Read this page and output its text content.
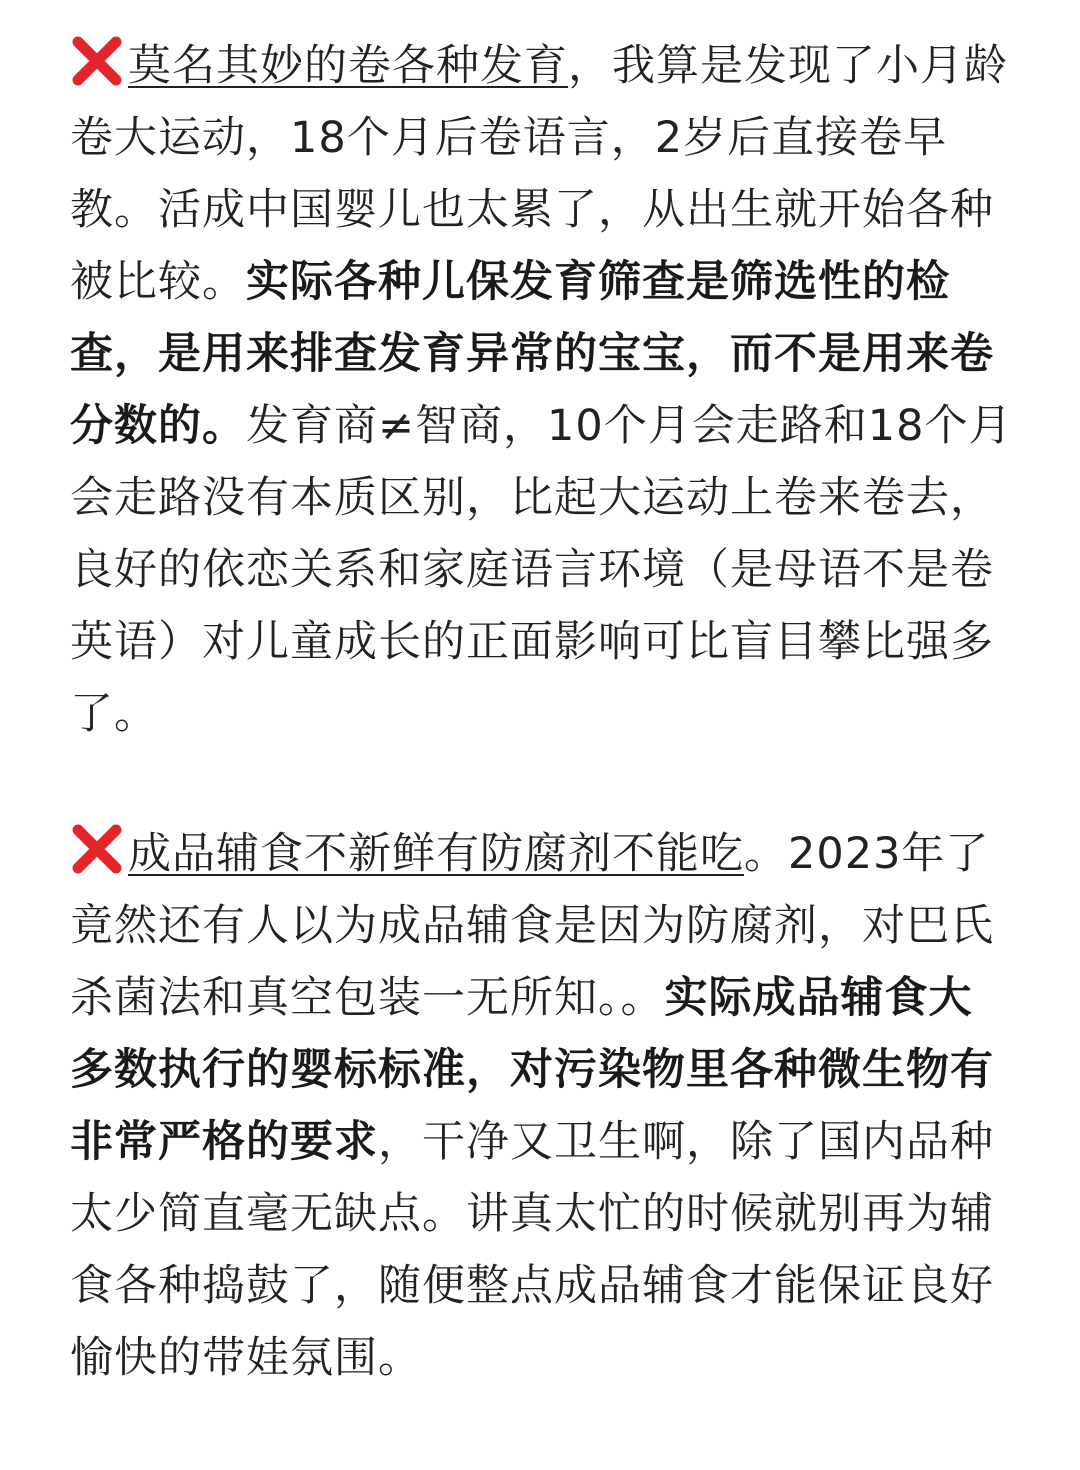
莫名其妙的卷各种发育，我算是发现了小月龄卷大运动，18个月后卷语言，2岁后直接卷早教。活成中国婴儿也太累了，从出生就开始各种被比较。实际各种儿保发育筛查是筛选性的检查，是用来排查发育异常的宝宝，而不是用来卷分数的。发育商≠智商，10个月会走路和18个月会走路没有本质区别，比起大运动上卷来卷去，良好的依恋关系和家庭语言环境（是母语不是卷英语）对儿童成长的正面影响可比盲目攀比强多了。
成品辅食不新鲜有防腐剂不能吃。2023年了竟然还有人以为成品辅食是因为防腐剂，对巴氏杀菌法和真空包装一无所知。。实际成品辅食大多数执行的婴标标准，对污染物里各种微生物有非常严格的要求，干净又卫生啊，除了国内品种太少简直毫无缺点。讲真太忙的时候就别再为辅食各种捣鼓了，随便整点成品辅食才能保证良好愉快的带娃氛围。
